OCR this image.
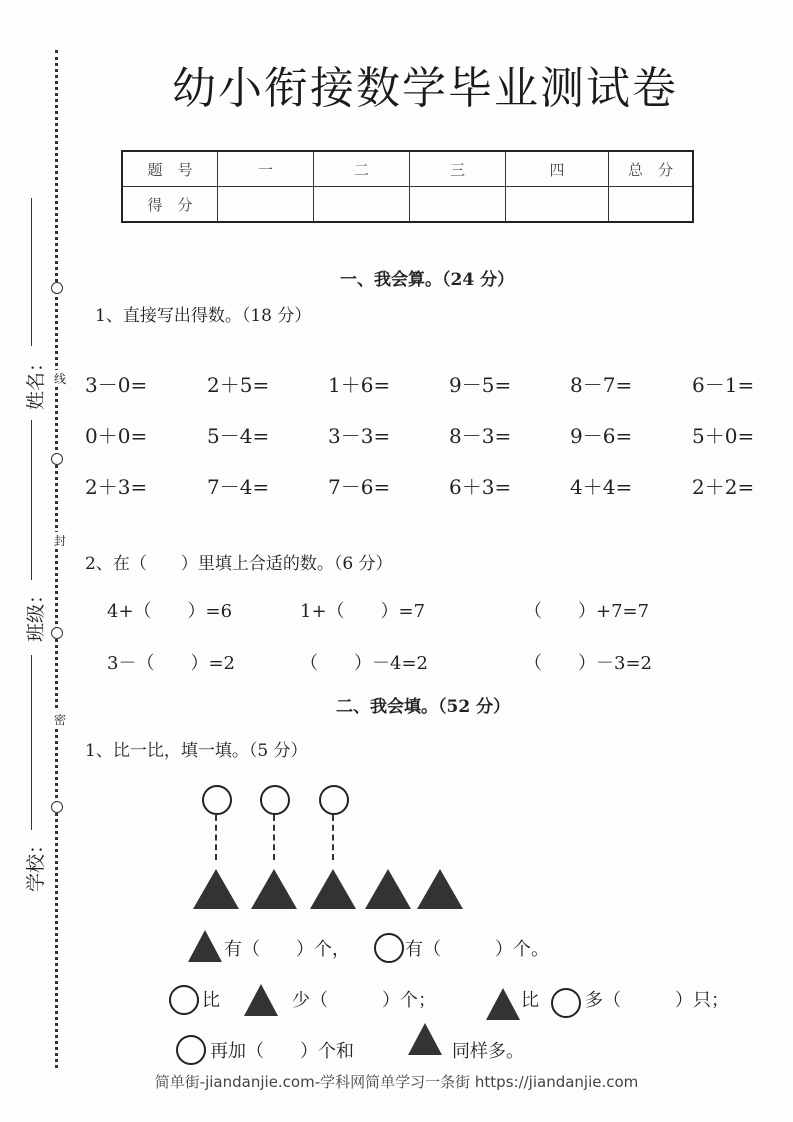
姓名：
班级：
学校：
线
封
密
幼小衔接数学毕业测试卷
题　号	一	二	三	四	总　分
得　分					
一、我会算。（24 分）
1、直接写出得数。（18 分）
3－0=	2＋5=	1＋6=	9－5=	8－7=	6－1=
0＋0=	5－4=	3－3=	8－3=	9－6=	5＋0=
2＋3=	7－4=	7－6=	6＋3=	4＋4=	2＋2=
2、在（　　）里填上合适的数。（6 分）
4+（　　）=6	1+（　　）=7	（　　）+7=7
3－（　　）=2	（　　）－4=2	（　　）－3=2
二、我会填。（52 分）
1、比一比，填一填。（5 分）
有（　　）个，	有（　　　）个。
比	少（　　　）个；	比	多（　　　）只；
再加（　　）个和	同样多。
简单街-jiandanjie.com-学科网简单学习一条街 https://jiandanjie.com
